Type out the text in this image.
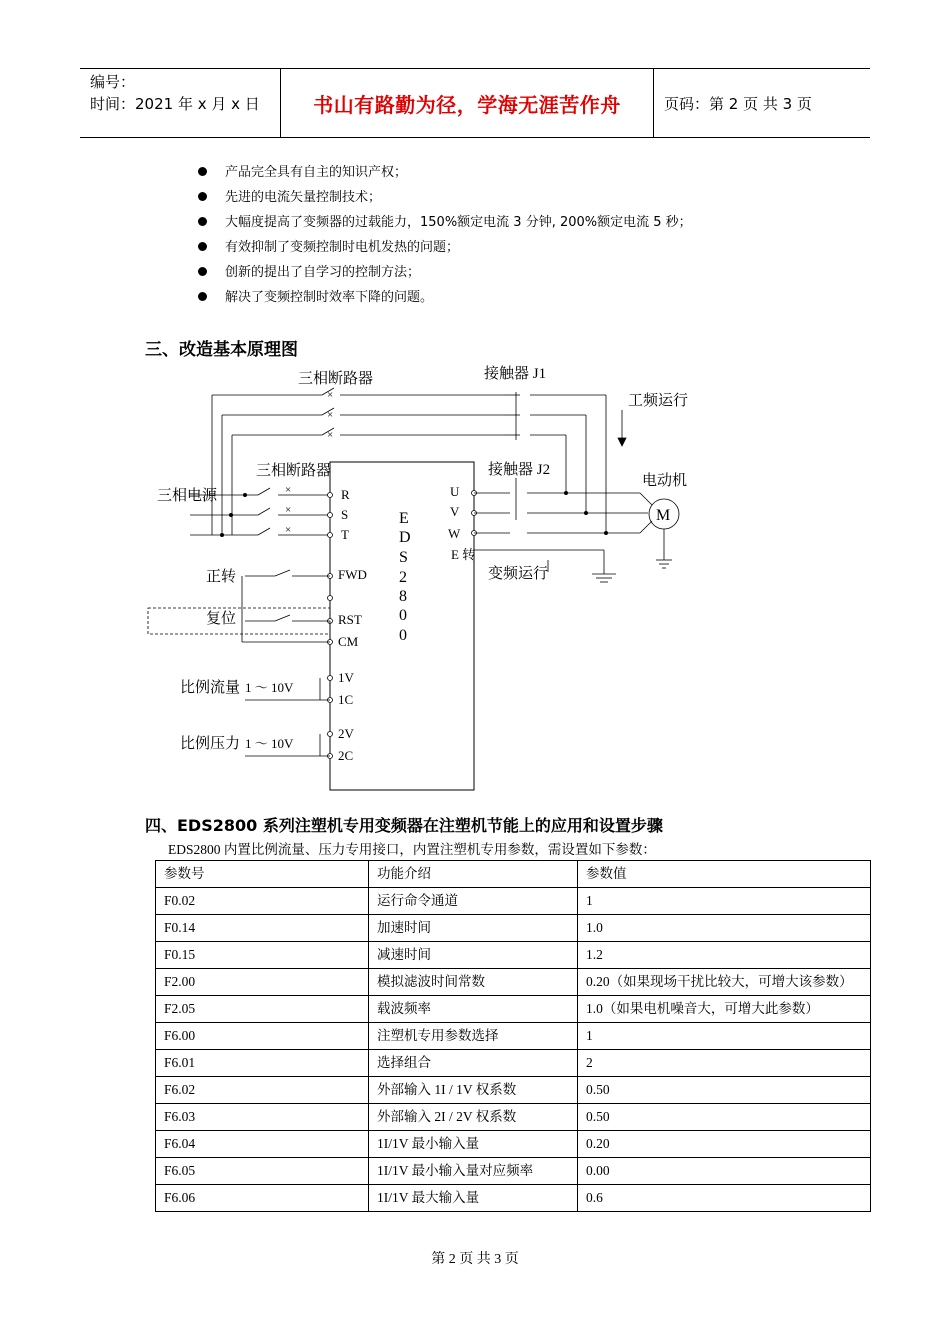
编号：
时间：2021 年 x 月 x 日	书山有路勤为径，学海无涯苦作舟	页码：第 2 页 共 3 页
产品完全具有自主的知识产权；
先进的电流矢量控制技术；
大幅度提高了变频器的过载能力，150%额定电流 3 分钟, 200%额定电流 5 秒；
有效抑制了变频控制时电机发热的问题；
创新的提出了自学习的控制方法；
解决了变频控制时效率下降的问题。
三、改造基本原理图
×
×
×
×
×
×
三相断路器	接触器 J1
工频运行
三相断路器	接触器 J2
电动机
三相电源
M
变频运行
正转
复位
比例流量 1 ～ 10V
比例压力 1 ～ 10V
R
S
T
FWD
RST
CM
1V
1C
2V
2C
U
V
W
E 转
E
D
S
2
8
0
0
四、EDS2800 系列注塑机专用变频器在注塑机节能上的应用和设置步骤
EDS2800 内置比例流量、压力专用接口，内置注塑机专用参数，需设置如下参数：
参数号	功能介绍	参数值
F0.02	运行命令通道	1
F0.14	加速时间	1.0
F0.15	减速时间	1.2
F2.00	模拟滤波时间常数	0.20（如果现场干扰比较大，可增大该参数）
F2.05	载波频率	1.0（如果电机噪音大，可增大此参数）
F6.00	注塑机专用参数选择	1
F6.01	选择组合	2
F6.02	外部输入 1I / 1V 权系数	0.50
F6.03	外部输入 2I / 2V 权系数	0.50
F6.04	1I/1V 最小输入量	0.20
F6.05	1I/1V 最小输入量对应频率	0.00
F6.06	1I/1V 最大输入量	0.6
第 2 页 共 3 页
